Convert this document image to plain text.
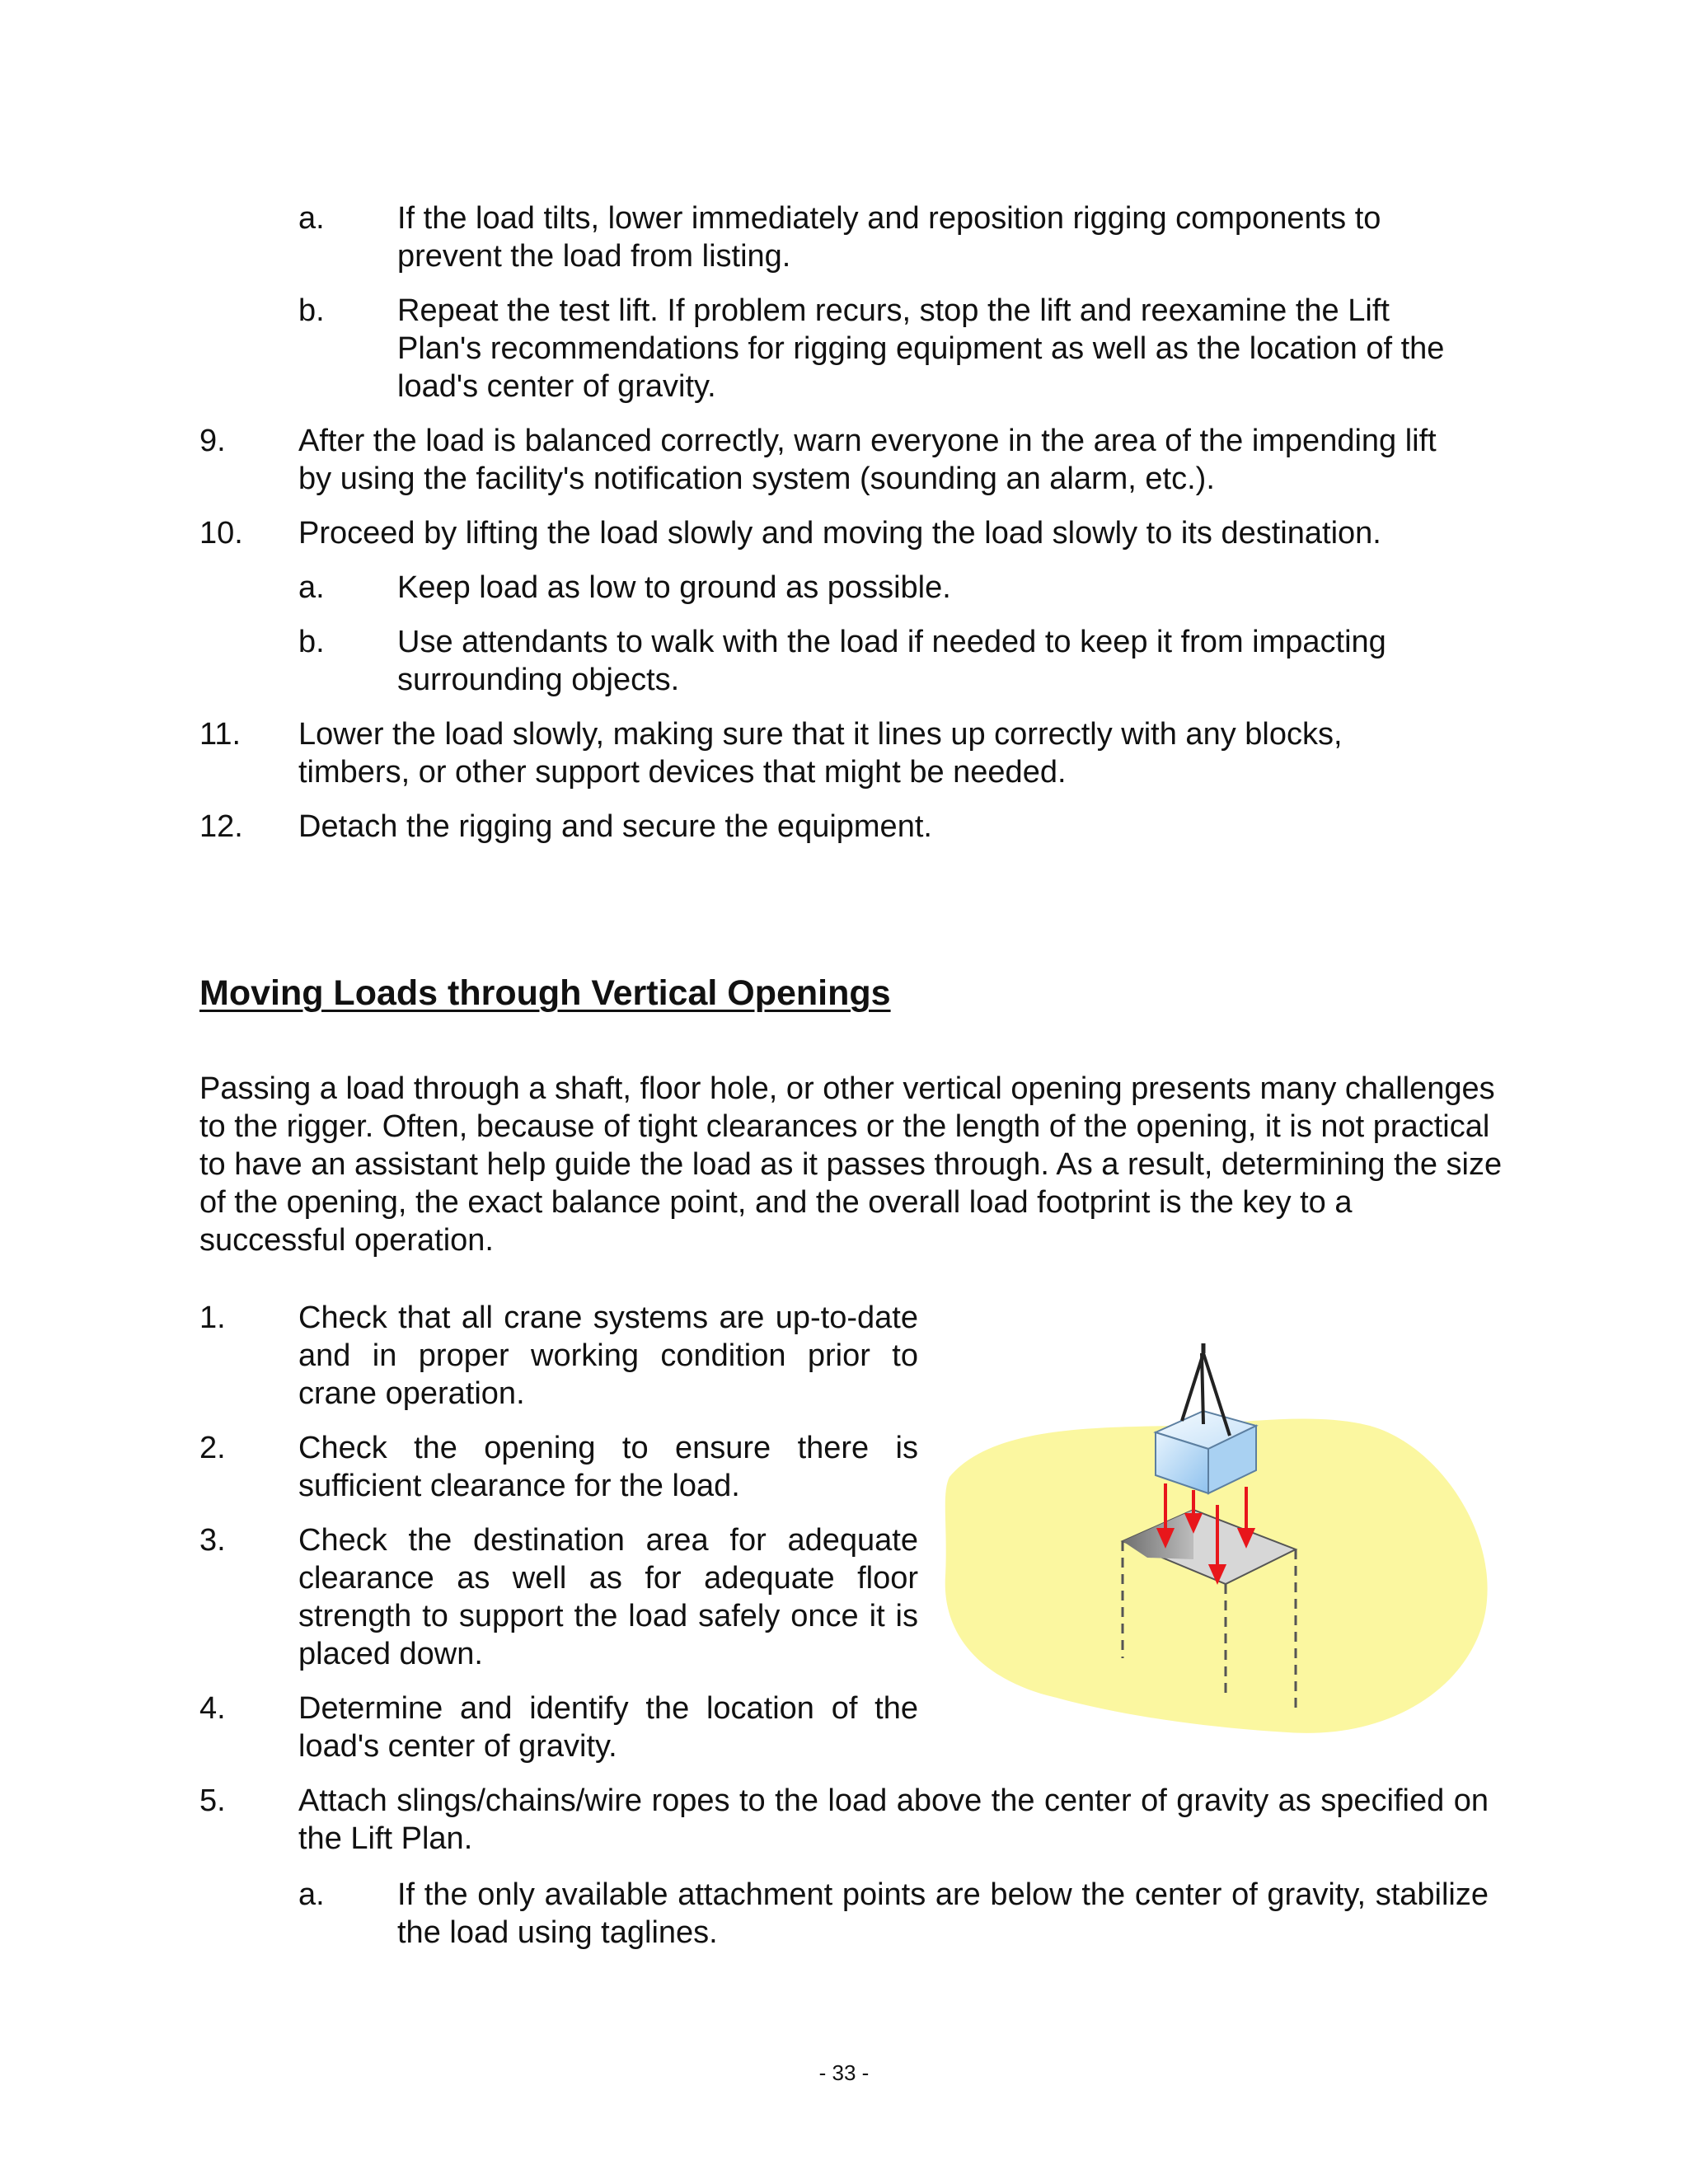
a. If the load tilts, lower immediately and reposition rigging components to prevent the load from listing.
b. Repeat the test lift. If problem recurs, stop the lift and reexamine the Lift Plan's recommendations for rigging equipment as well as the location of the load's center of gravity.
9. After the load is balanced correctly, warn everyone in the area of the impending lift by using the facility's notification system (sounding an alarm, etc.).
10. Proceed by lifting the load slowly and moving the load slowly to its destination.
a. Keep load as low to ground as possible.
b. Use attendants to walk with the load if needed to keep it from impacting surrounding objects.
11. Lower the load slowly, making sure that it lines up correctly with any blocks, timbers, or other support devices that might be needed.
12. Detach the rigging and secure the equipment.
Moving Loads through Vertical Openings
Passing a load through a shaft, floor hole, or other vertical opening presents many challenges to the rigger. Often, because of tight clearances or the length of the opening, it is not practical to have an assistant help guide the load as it passes through. As a result, determining the size of the opening, the exact balance point, and the overall load footprint is the key to a successful operation.
1. Check that all crane systems are up-to-date and in proper working condition prior to crane operation.
2. Check the opening to ensure there is sufficient clearance for the load.
3. Check the destination area for adequate clearance as well as for adequate floor strength to support the load safely once it is placed down.
4. Determine and identify the location of the load's center of gravity.
5. Attach slings/chains/wire ropes to the load above the center of gravity as specified on the Lift Plan.
a. If the only available attachment points are below the center of gravity, stabilize the load using taglines.
- 33 -
